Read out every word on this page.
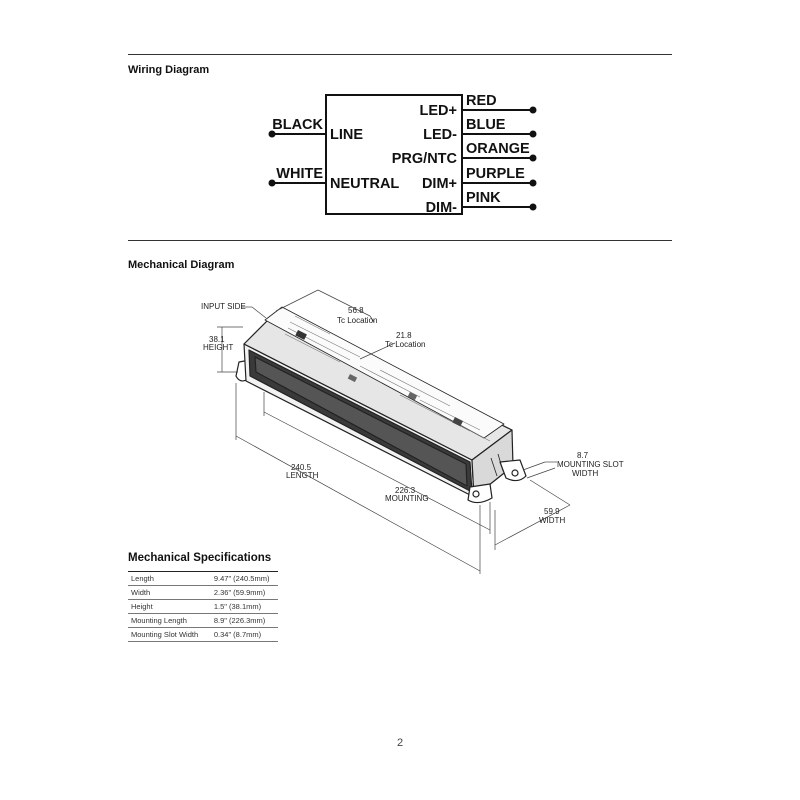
Wiring Diagram
BLACK
LINE
WHITE
NEUTRAL
LED+
RED
LED-
BLUE
PRG/NTC
ORANGE
DIM+
PURPLE
DIM-
PINK
Mechanical Diagram
INPUT SIDE
38.1
HEIGHT
56.8
Tc Location
21.8
Tc Location
240.5
LENGTH
226.3
MOUNTING
8.7
MOUNTING SLOT
WIDTH
59.9
WIDTH
Mechanical Specifications
Length	9.47" (240.5mm)
Width	2.36" (59.9mm)
Height	1.5" (38.1mm)
Mounting Length	8.9" (226.3mm)
Mounting Slot Width	0.34" (8.7mm)
2
